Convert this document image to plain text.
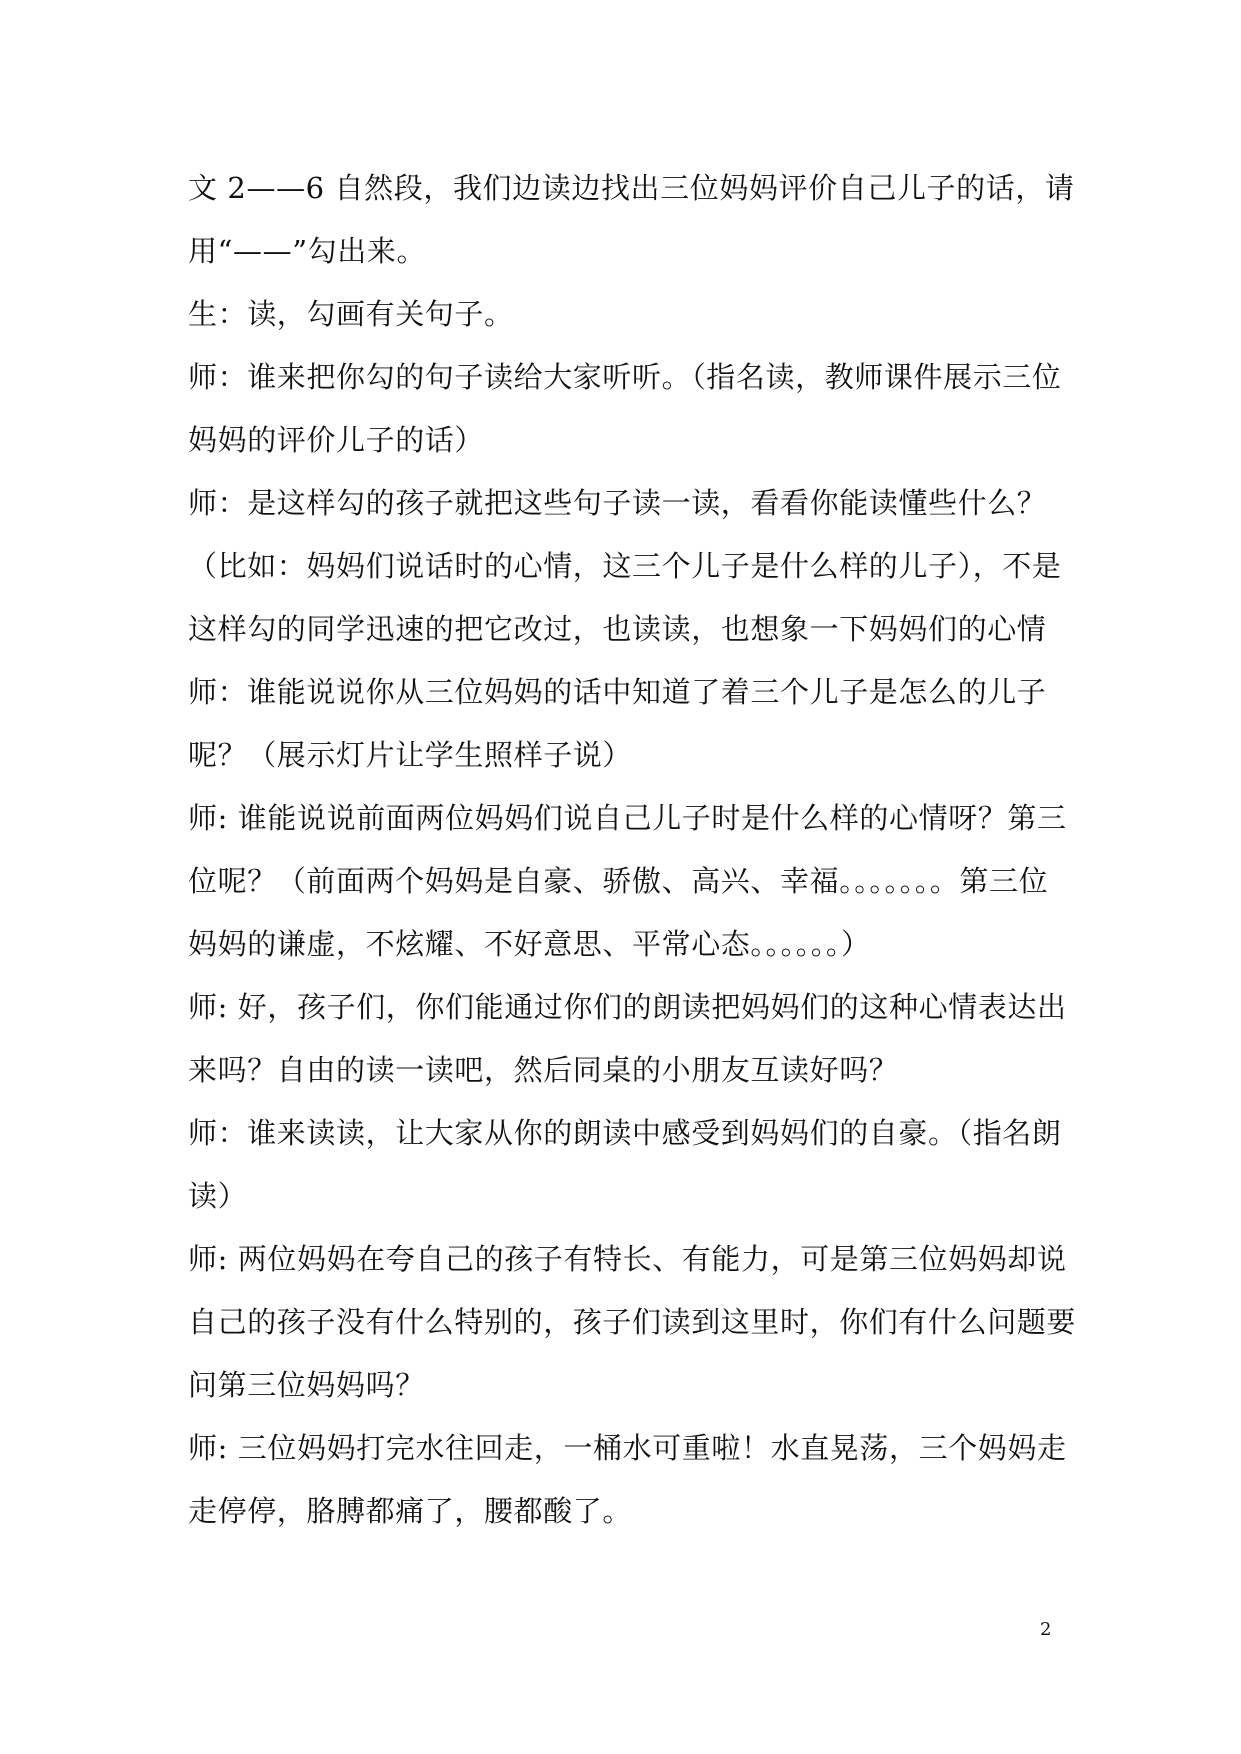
文 2——6 自然段，我们边读边找出三位妈妈评价自己儿子的话，请
用“——”勾出来。
生：读，勾画有关句子。
师：谁来把你勾的句子读给大家听听。（指名读，教师课件展示三位
妈妈的评价儿子的话）
师：是这样勾的孩子就把这些句子读一读，看看你能读懂些什么？
（比如：妈妈们说话时的心情，这三个儿子是什么样的儿子），不是
这样勾的同学迅速的把它改过，也读读，也想象一下妈妈们的心情
师：谁能说说你从三位妈妈的话中知道了着三个儿子是怎么的儿子
呢？（展示灯片让学生照样子说）
师: 谁能说说前面两位妈妈们说自己儿子时是什么样的心情呀？第三
位呢？（前面两个妈妈是自豪、骄傲、高兴、幸福。。。。。。。第三位
妈妈的谦虚，不炫耀、不好意思、平常心态。。。。。。）
师: 好，孩子们，你们能通过你们的朗读把妈妈们的这种心情表达出
来吗？自由的读一读吧，然后同桌的小朋友互读好吗？
师：谁来读读，让大家从你的朗读中感受到妈妈们的自豪。（指名朗
读）
师: 两位妈妈在夸自己的孩子有特长、有能力，可是第三位妈妈却说
自己的孩子没有什么特别的，孩子们读到这里时，你们有什么问题要
问第三位妈妈吗？
师: 三位妈妈打完水往回走，一桶水可重啦！水直晃荡，三个妈妈走
走停停，胳膊都痛了，腰都酸了。
2
